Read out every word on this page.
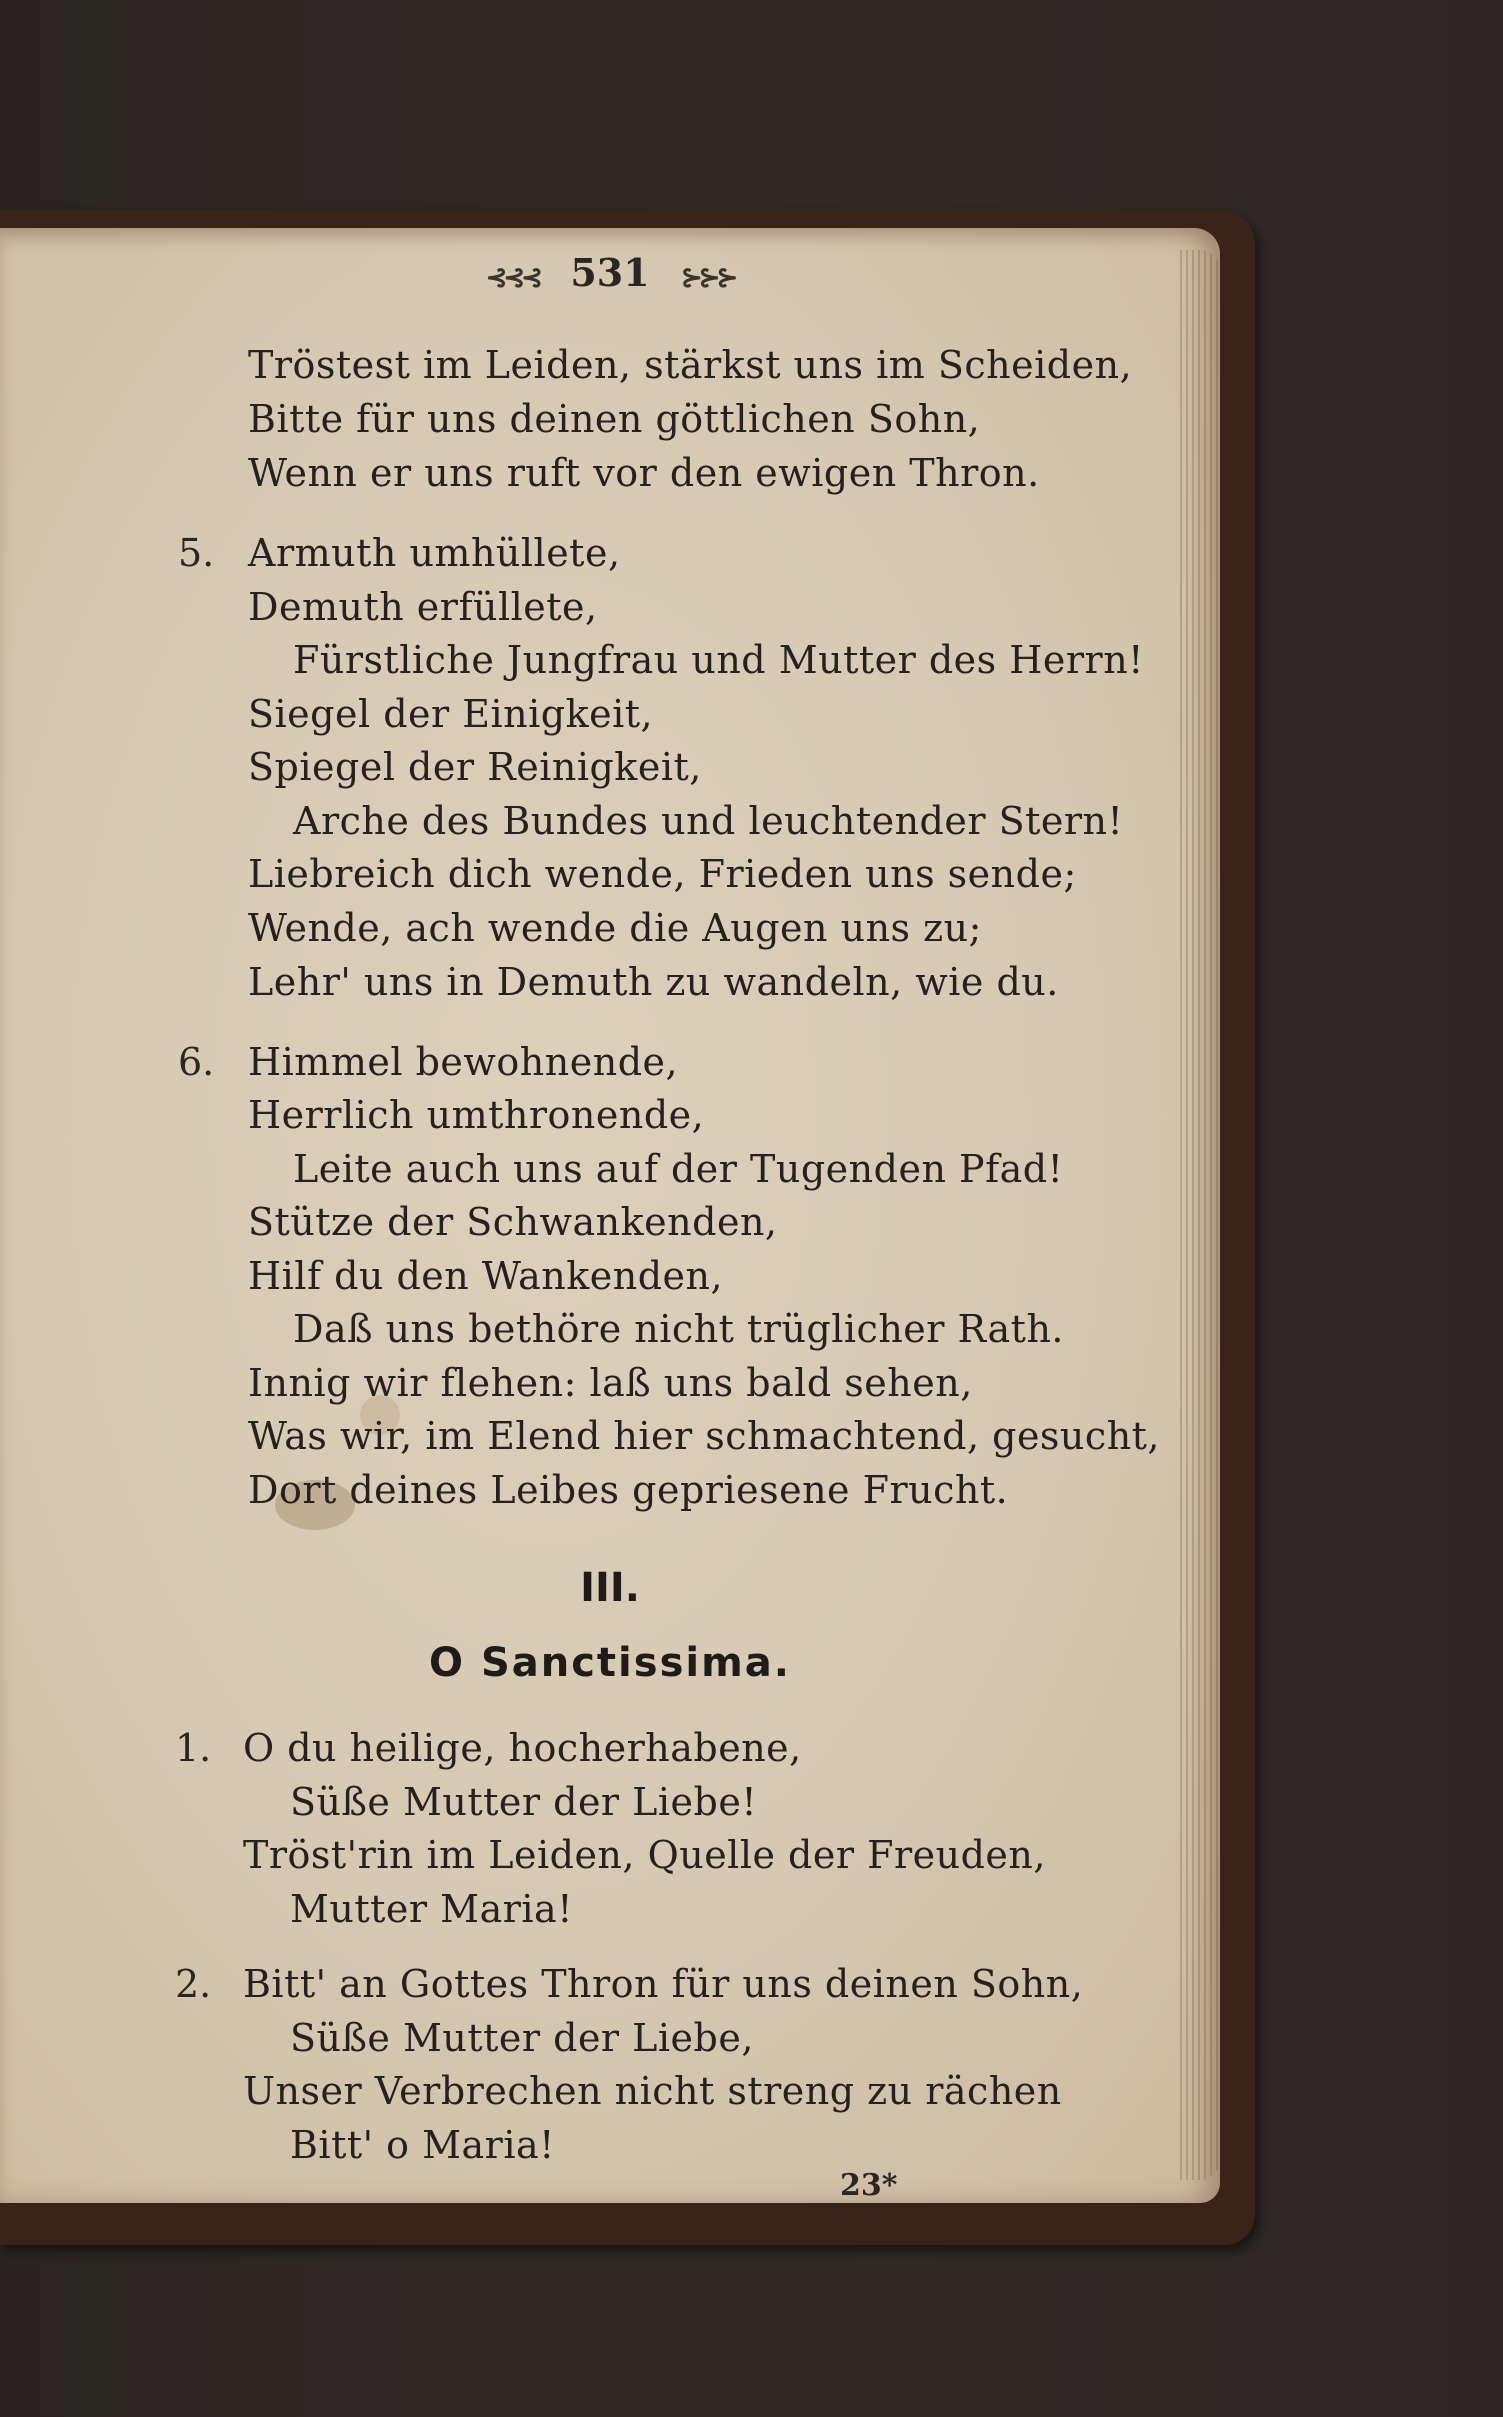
⊰⊰⊰ 531 ⊱⊱⊱
Tröstest im Leiden, stärkst uns im Scheiden,
Bitte für uns deinen göttlichen Sohn,
Wenn er uns ruft vor den ewigen Thron.
5. Armuth umhüllete,
Demuth erfüllete,
Fürstliche Jungfrau und Mutter des Herrn!
Siegel der Einigkeit,
Spiegel der Reinigkeit,
Arche des Bundes und leuchtender Stern!
Liebreich dich wende, Frieden uns sende;
Wende, ach wende die Augen uns zu;
Lehr' uns in Demuth zu wandeln, wie du.
6. Himmel bewohnende,
Herrlich umthronende,
Leite auch uns auf der Tugenden Pfad!
Stütze der Schwankenden,
Hilf du den Wankenden,
Daß uns bethöre nicht trüglicher Rath.
Innig wir flehen: laß uns bald sehen,
Was wir, im Elend hier schmachtend, gesucht,
Dort deines Leibes gepriesene Frucht.
III.
O Sanctissima.
1. O du heilige, hocherhabene,
Süße Mutter der Liebe!
Tröst'rin im Leiden, Quelle der Freuden,
Mutter Maria!
2. Bitt' an Gottes Thron für uns deinen Sohn,
Süße Mutter der Liebe,
Unser Verbrechen nicht streng zu rächen
Bitt' o Maria!
23*
